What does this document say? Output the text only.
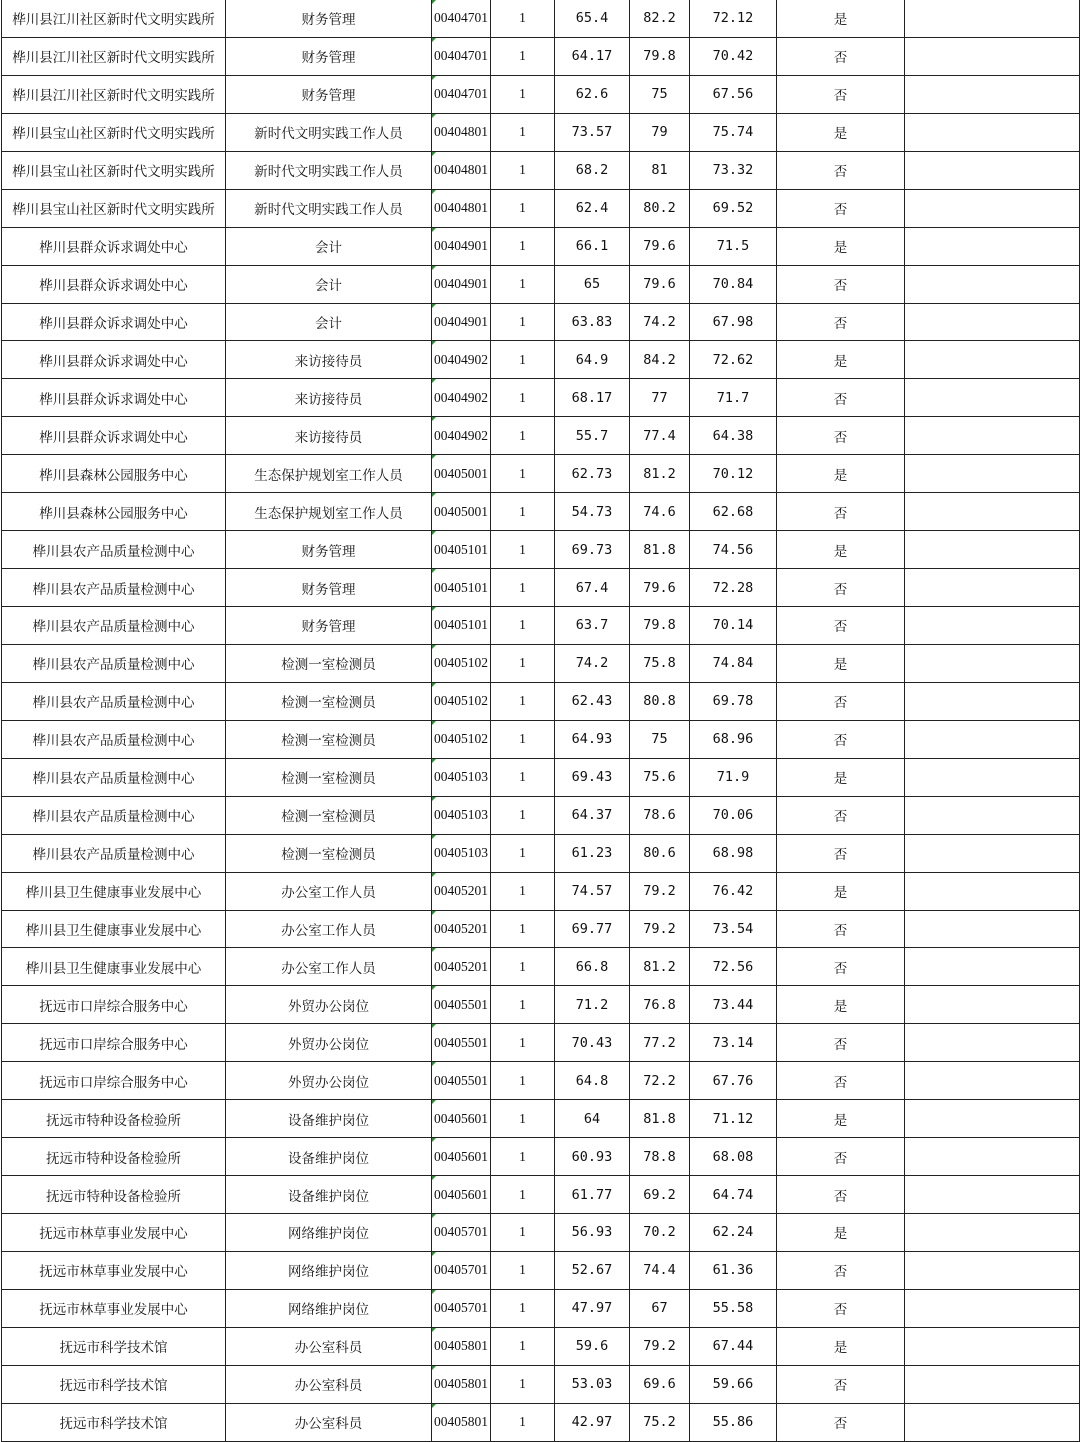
桦川县江川社区新时代文明实践所	财务管理	00404701	1	65.4	82.2	72.12	是	
桦川县江川社区新时代文明实践所	财务管理	00404701	1	64.17	79.8	70.42	否	
桦川县江川社区新时代文明实践所	财务管理	00404701	1	62.6	75	67.56	否	
桦川县宝山社区新时代文明实践所	新时代文明实践工作人员	00404801	1	73.57	79	75.74	是	
桦川县宝山社区新时代文明实践所	新时代文明实践工作人员	00404801	1	68.2	81	73.32	否	
桦川县宝山社区新时代文明实践所	新时代文明实践工作人员	00404801	1	62.4	80.2	69.52	否	
桦川县群众诉求调处中心	会计	00404901	1	66.1	79.6	71.5	是	
桦川县群众诉求调处中心	会计	00404901	1	65	79.6	70.84	否	
桦川县群众诉求调处中心	会计	00404901	1	63.83	74.2	67.98	否	
桦川县群众诉求调处中心	来访接待员	00404902	1	64.9	84.2	72.62	是	
桦川县群众诉求调处中心	来访接待员	00404902	1	68.17	77	71.7	否	
桦川县群众诉求调处中心	来访接待员	00404902	1	55.7	77.4	64.38	否	
桦川县森林公园服务中心	生态保护规划室工作人员	00405001	1	62.73	81.2	70.12	是	
桦川县森林公园服务中心	生态保护规划室工作人员	00405001	1	54.73	74.6	62.68	否	
桦川县农产品质量检测中心	财务管理	00405101	1	69.73	81.8	74.56	是	
桦川县农产品质量检测中心	财务管理	00405101	1	67.4	79.6	72.28	否	
桦川县农产品质量检测中心	财务管理	00405101	1	63.7	79.8	70.14	否	
桦川县农产品质量检测中心	检测一室检测员	00405102	1	74.2	75.8	74.84	是	
桦川县农产品质量检测中心	检测一室检测员	00405102	1	62.43	80.8	69.78	否	
桦川县农产品质量检测中心	检测一室检测员	00405102	1	64.93	75	68.96	否	
桦川县农产品质量检测中心	检测一室检测员	00405103	1	69.43	75.6	71.9	是	
桦川县农产品质量检测中心	检测一室检测员	00405103	1	64.37	78.6	70.06	否	
桦川县农产品质量检测中心	检测一室检测员	00405103	1	61.23	80.6	68.98	否	
桦川县卫生健康事业发展中心	办公室工作人员	00405201	1	74.57	79.2	76.42	是	
桦川县卫生健康事业发展中心	办公室工作人员	00405201	1	69.77	79.2	73.54	否	
桦川县卫生健康事业发展中心	办公室工作人员	00405201	1	66.8	81.2	72.56	否	
抚远市口岸综合服务中心	外贸办公岗位	00405501	1	71.2	76.8	73.44	是	
抚远市口岸综合服务中心	外贸办公岗位	00405501	1	70.43	77.2	73.14	否	
抚远市口岸综合服务中心	外贸办公岗位	00405501	1	64.8	72.2	67.76	否	
抚远市特种设备检验所	设备维护岗位	00405601	1	64	81.8	71.12	是	
抚远市特种设备检验所	设备维护岗位	00405601	1	60.93	78.8	68.08	否	
抚远市特种设备检验所	设备维护岗位	00405601	1	61.77	69.2	64.74	否	
抚远市林草事业发展中心	网络维护岗位	00405701	1	56.93	70.2	62.24	是	
抚远市林草事业发展中心	网络维护岗位	00405701	1	52.67	74.4	61.36	否	
抚远市林草事业发展中心	网络维护岗位	00405701	1	47.97	67	55.58	否	
抚远市科学技术馆	办公室科员	00405801	1	59.6	79.2	67.44	是	
抚远市科学技术馆	办公室科员	00405801	1	53.03	69.6	59.66	否	
抚远市科学技术馆	办公室科员	00405801	1	42.97	75.2	55.86	否	
